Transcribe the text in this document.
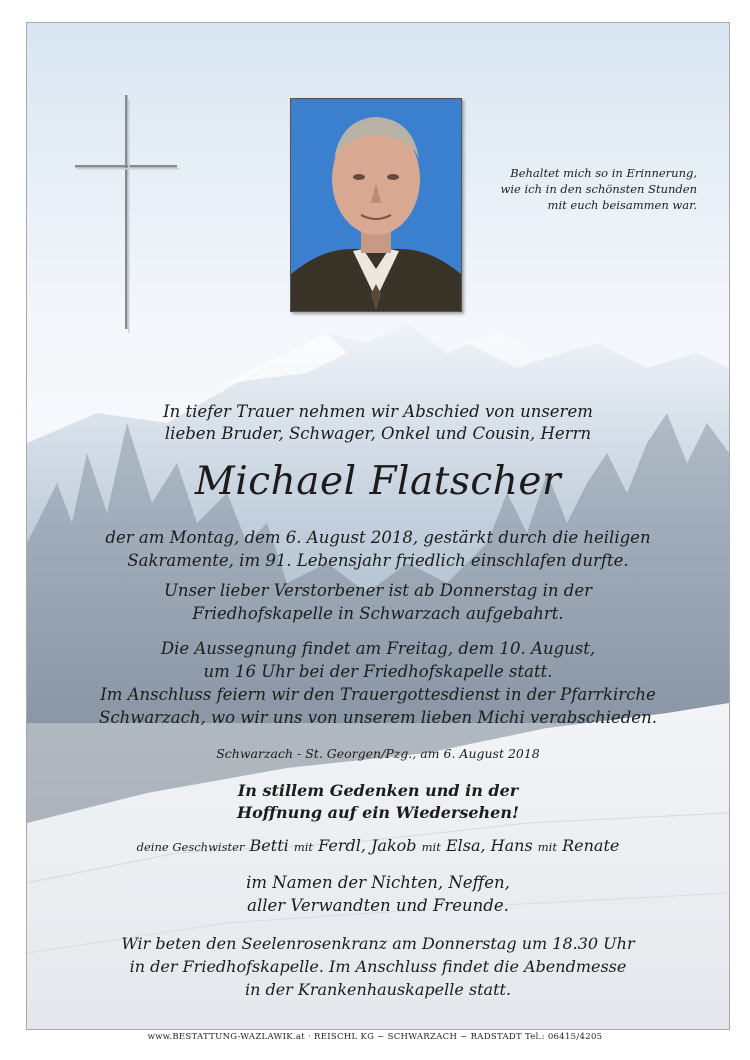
Behaltet mich so in Erinnerung,
wie ich in den schönsten Stunden
mit euch beisammen war.
In tiefer Trauer nehmen wir Abschied von unserem
lieben Bruder, Schwager, Onkel und Cousin, Herrn
Michael Flatscher
der am Montag, dem 6. August 2018, gestärkt durch die heiligen
Sakramente, im 91. Lebensjahr friedlich einschlafen durfte.
Unser lieber Verstorbener ist ab Donnerstag in der
Friedhofskapelle in Schwarzach aufgebahrt.
Die Aussegnung findet am Freitag, dem 10. August,
um 16 Uhr bei der Friedhofskapelle statt.
Im Anschluss feiern wir den Trauergottesdienst in der Pfarrkirche
Schwarzach, wo wir uns von unserem lieben Michi verabschieden.
Schwarzach - St. Georgen/Pzg., am 6. August 2018
In stillem Gedenken und in der
Hoffnung auf ein Wiedersehen!
deine Geschwister Betti mit Ferdl, Jakob mit Elsa, Hans mit Renate
im Namen der Nichten, Neffen,
aller Verwandten und Freunde.
Wir beten den Seelenrosenkranz am Donnerstag um 18.30 Uhr
in der Friedhofskapelle. Im Anschluss findet die Abendmesse
in der Krankenhauskapelle statt.
www.BESTATTUNG-WAZLAWIK.at · REISCHL KG ~ SCHWARZACH ~ RADSTADT Tel.: 06415/4205
